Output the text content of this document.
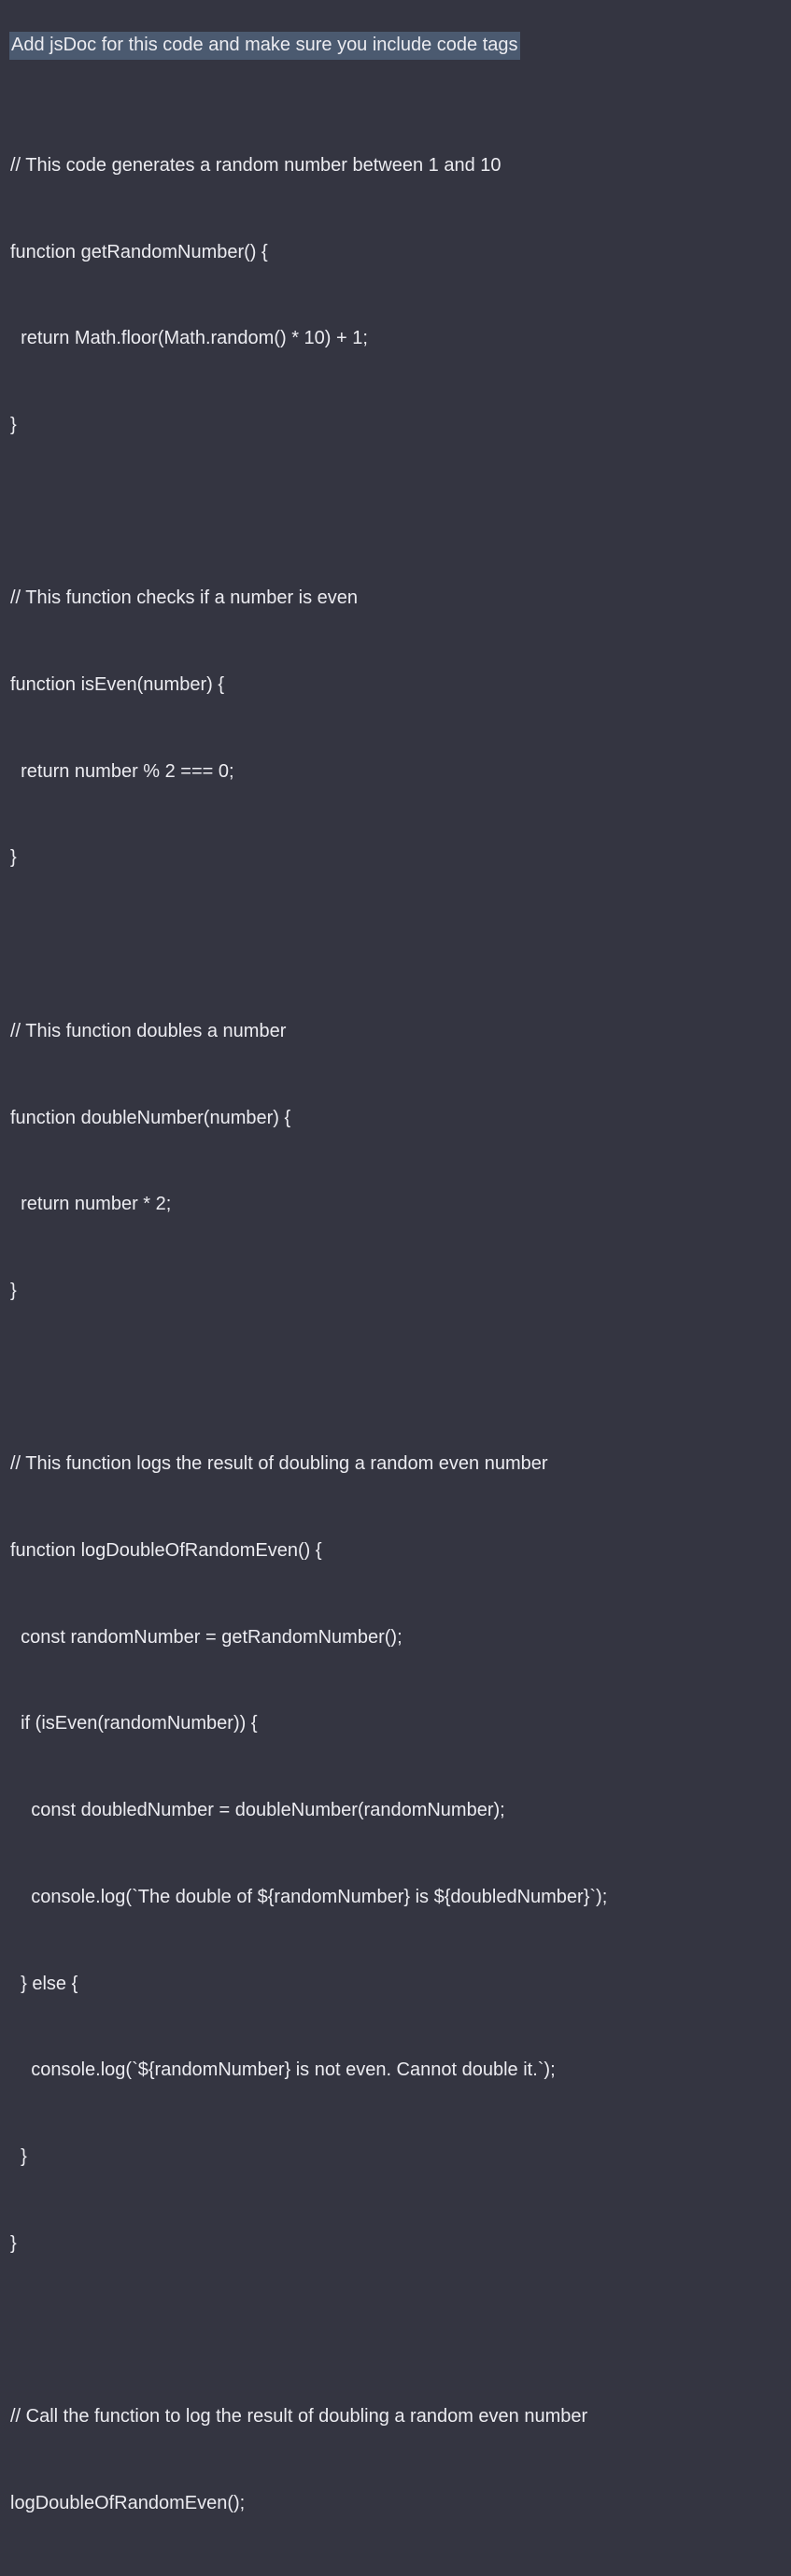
Add jsDoc for this code and make sure you include code tags

// This code generates a random number between 1 and 10

function getRandomNumber() {

return Math.floor(Math.random() * 10) + 1;

}

// This function checks if a number is even

function isEven(number) {

return number % 2 === 0;

}

// This function doubles a number

function doubleNumber(number) {

return number * 2;

}

// This function logs the result of doubling a random even number

function logDoubleOfRandomEven() {

const randomNumber = getRandomNumber();

if (isEven(randomNumber)) {

const doubledNumber = doubleNumber(randomNumber);

console.log(`The double of ${randomNumber} is ${doubledNumber}`);

} else {

console.log(`${randomNumber} is not even. Cannot double it.`);

}

}

// Call the function to log the result of doubling a random even number

logDoubleOfRandomEven();
